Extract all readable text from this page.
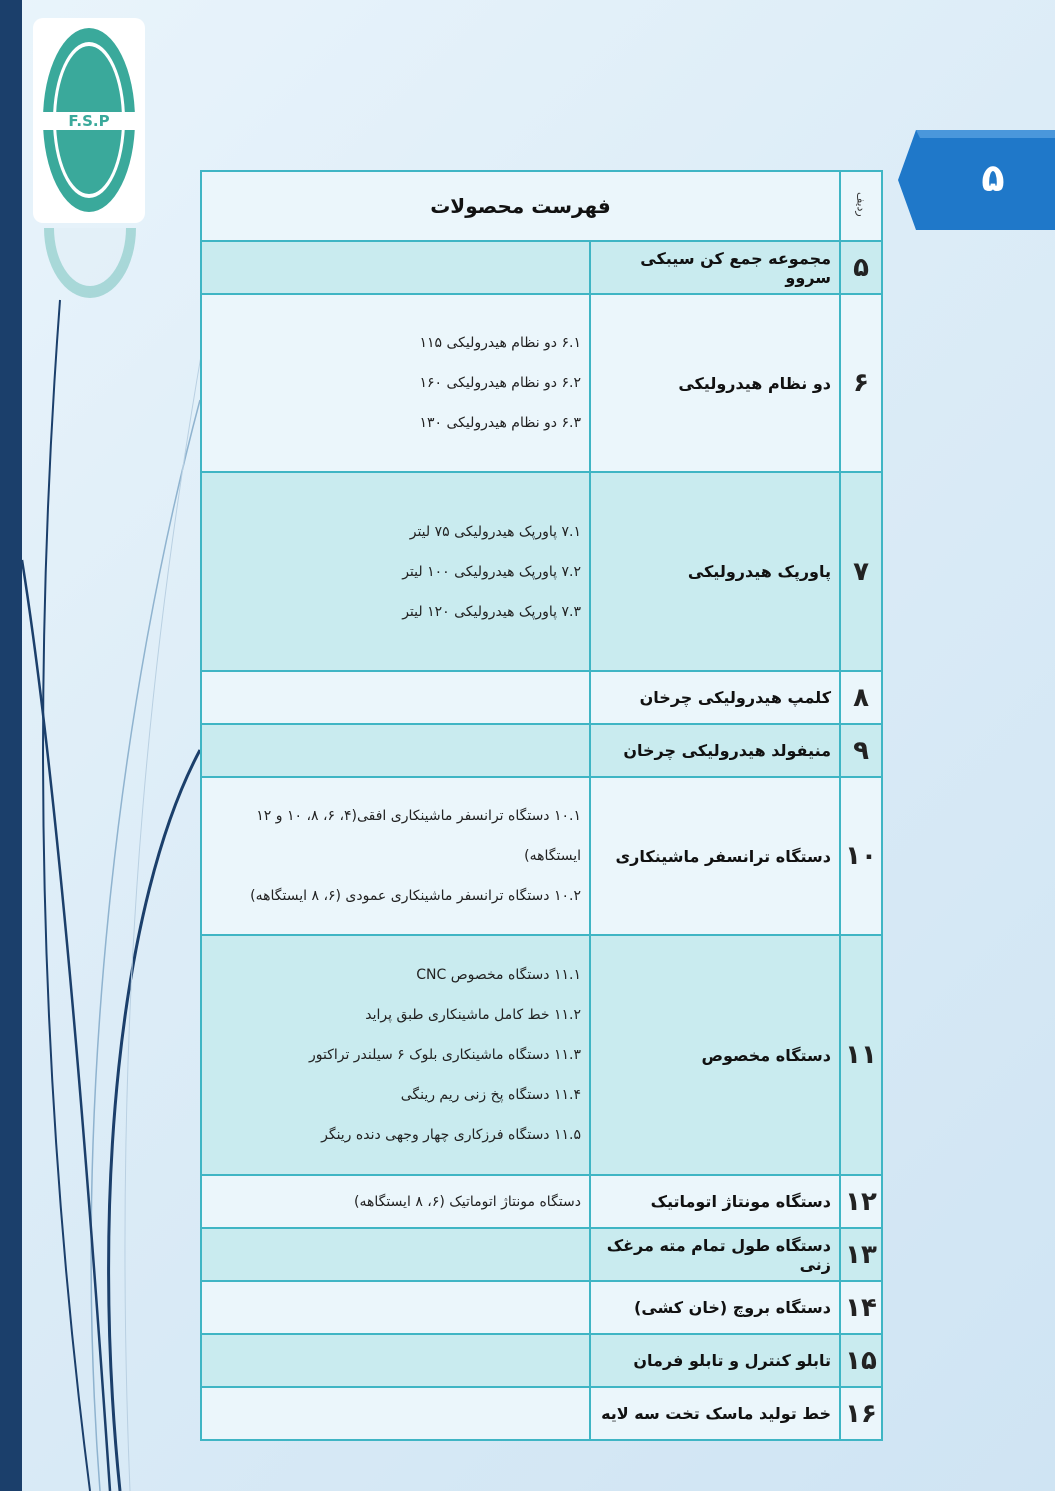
F.S.P
۵
ردیف	فهرست محصولات	
۵	مجموعه جمع کن سیبکی سروو	
۶	دو نظام هیدرولیکی	۶.۱ دو نظام هیدرولیکی ۱۱۵
۶.۲ دو نظام هیدرولیکی ۱۶۰
۶.۳ دو نظام هیدرولیکی ۱۳۰

۷	پاورپک هیدرولیکی	۷.۱ پاورپک هیدرولیکی ۷۵ لیتر
۷.۲ پاورپک هیدرولیکی ۱۰۰ لیتر
۷.۳ پاورپک هیدرولیکی ۱۲۰ لیتر

۸	کلمپ هیدرولیکی چرخان	
۹	منیفولد هیدرولیکی چرخان	
۱۰	دستگاه ترانسفر ماشینکاری	۱۰.۱ دستگاه ترانسفر ماشینکاری افقی(۴، ۶، ۸، ۱۰ و ۱۲ ایستگاهه)
۱۰.۲ دستگاه ترانسفر ماشینکاری عمودی (۶، ۸ ایستگاهه)

۱۱	دستگاه مخصوص	۱۱.۱ دستگاه مخصوص CNC
۱۱.۲ خط کامل ماشینکاری طبق پراید
۱۱.۳ دستگاه ماشینکاری بلوک ۶ سیلندر تراکتور
۱۱.۴ دستگاه پخ زنی ریم رینگی
۱۱.۵ دستگاه فرزکاری چهار وجهی دنده رینگر

۱۲	دستگاه مونتاژ اتوماتیک	دستگاه مونتاژ اتوماتیک (۶، ۸ ایستگاهه)

۱۳	دستگاه طول تمام مته مرغک زنی	
۱۴	دستگاه بروچ (خان کشی)	
۱۵	تابلو کنترل و تابلو فرمان	
۱۶	خط تولید ماسک تخت سه لایه	
